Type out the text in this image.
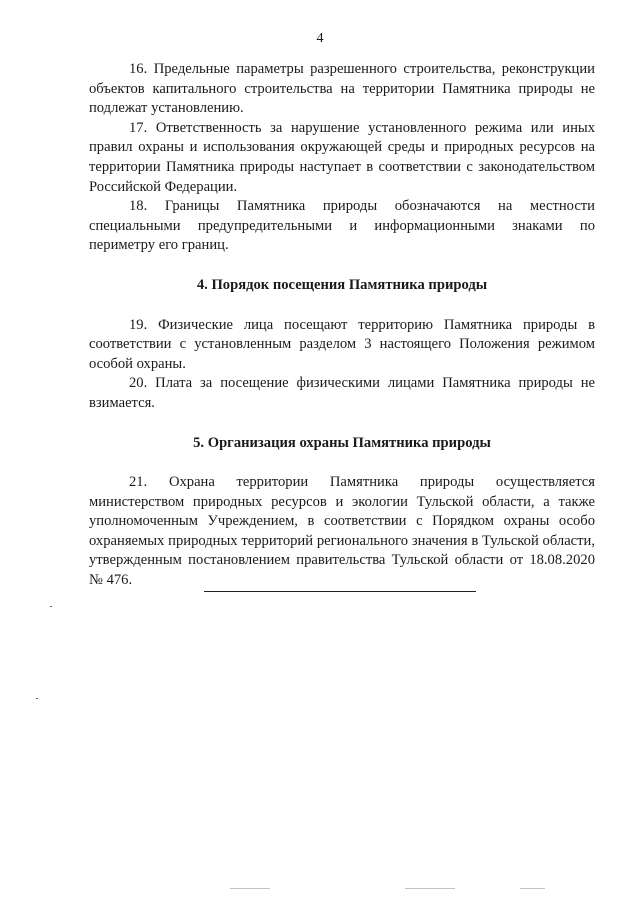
4

16. Предельные параметры разрешенного строительства, реконструкции объектов капитального строительства на территории Памятника природы не подлежат установлению.

17. Ответственность за нарушение установленного режима или иных правил охраны и использования окружающей среды и природных ресурсов на территории Памятника природы наступает в соответствии с законодательством Российской Федерации.

18. Границы Памятника природы обозначаются на местности специальными предупредительными и информационными знаками по периметру его границ.

4. Порядок посещения Памятника природы

19. Физические лица посещают территорию Памятника природы в соответствии с установленным разделом 3 настоящего Положения режимом особой охраны.

20. Плата за посещение физическими лицами Памятника природы не взимается.

5. Организация охраны Памятника природы

21. Охрана территории Памятника природы осуществляется министерством природных ресурсов и экологии Тульской области, а также уполномоченным Учреждением, в соответствии с Порядком охраны особо охраняемых природных территорий регионального значения в Тульской области, утвержденным постановлением правительства Тульской области от 18.08.2020 № 476.
